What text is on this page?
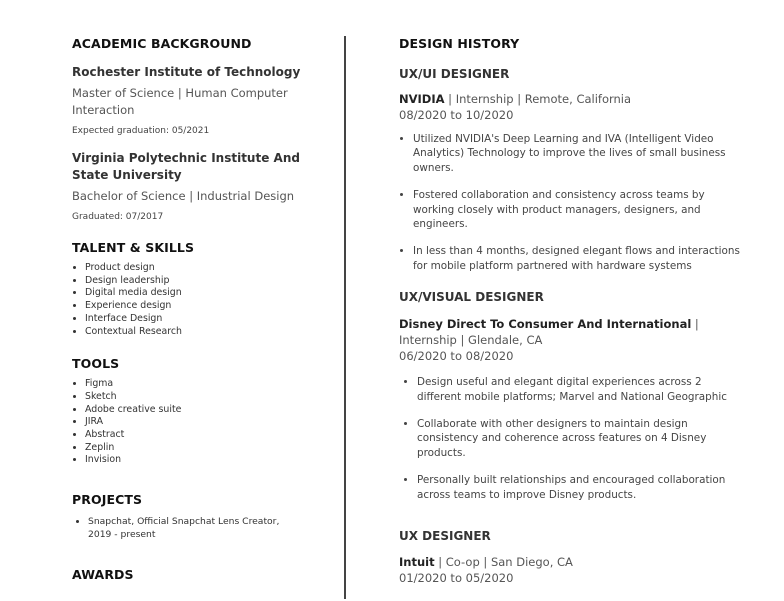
ACADEMIC BACKGROUND
Rochester Institute of Technology
Master of Science | Human Computer Interaction
Expected graduation: 05/2021
Virginia Polytechnic Institute And State University
Bachelor of Science | Industrial Design
Graduated: 07/2017
TALENT & SKILLS
• Product design
• Design leadership
• Digital media design
• Experience design
• Interface Design
• Contextual Research
TOOLS
• Figma
• Sketch
• Adobe creative suite
• JIRA
• Abstract
• Zeplin
• Invision
PROJECTS
• Snapchat, Official Snapchat Lens Creator, 2019 - present
AWARDS
DESIGN HISTORY
UX/UI DESIGNER
NVIDIA | Internship | Remote, California
08/2020 to 10/2020
• Utilized NVIDIA's Deep Learning and IVA (Intelligent Video Analytics) Technology to improve the lives of small business owners.
• Fostered collaboration and consistency across teams by working closely with product managers, designers, and engineers.
• In less than 4 months, designed elegant flows and interactions for mobile platform partnered with hardware systems
UX/VISUAL DESIGNER
Disney Direct To Consumer And International | Internship | Glendale, CA
06/2020 to 08/2020
• Design useful and elegant digital experiences across 2 different mobile platforms; Marvel and National Geographic
• Collaborate with other designers to maintain design consistency and coherence across features on 4 Disney products.
• Personally built relationships and encouraged collaboration across teams to improve Disney products.
UX DESIGNER
Intuit | Co-op | San Diego, CA
01/2020 to 05/2020
